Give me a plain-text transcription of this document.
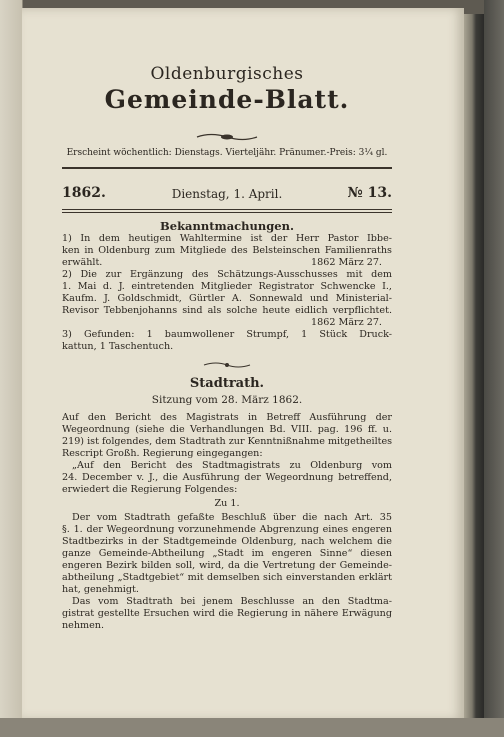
Oldenburgisches
Gemeinde-Blatt.
Erscheint wöchentlich: Dienstags. Vierteljähr. Pränumer.-Preis: 3⅟₄ gl.
1862.	Dienstag, 1. April.	№ 13.
Bekanntmachungen.
1) In dem heutigen Wahltermine ist der Herr Pastor Ibbe-
ken in Oldenburg zum Mitgliede des Belsteinschen Familienraths
erwählt.	1862 März 27.
2) Die zur Ergänzung des Schätzungs-Ausschusses mit dem
1. Mai d. J. eintretenden Mitglieder Registrator Schwencke I.,
Kaufm. J. Goldschmidt, Gürtler A. Sonnewald und Ministerial-
Revisor Tebbenjohanns sind als solche heute eidlich verpflichtet.
1862 März 27.
3) Gefunden: 1 baumwollener Strumpf, 1 Stück Druck-
kattun, 1 Taschentuch.
Stadtrath.
Sitzung vom 28. März 1862.
Auf den Bericht des Magistrats in Betreff Ausführung der
Wegeordnung (siehe die Verhandlungen Bd. VIII. pag. 196 ff. u.
219) ist folgendes, dem Stadtrath zur Kenntnißnahme mitgetheiltes
Rescript Großh. Regierung eingegangen:
„Auf den Bericht des Stadtmagistrats zu Oldenburg vom
24. December v. J., die Ausführung der Wegeordnung betreffend,
erwiedert die Regierung Folgendes:
Zu 1.
Der vom Stadtrath gefaßte Beschluß über die nach Art. 35
§. 1. der Wegeordnung vorzunehmende Abgrenzung eines engeren
Stadtbezirks in der Stadtgemeinde Oldenburg, nach welchem die
ganze Gemeinde-Abtheilung „Stadt im engeren Sinne“ diesen
engeren Bezirk bilden soll, wird, da die Vertretung der Gemeinde-
abtheilung „Stadtgebiet“ mit demselben sich einverstanden erklärt
hat, genehmigt.
Das vom Stadtrath bei jenem Beschlusse an den Stadtma-
gistrat gestellte Ersuchen wird die Regierung in nähere Erwägung
nehmen.
